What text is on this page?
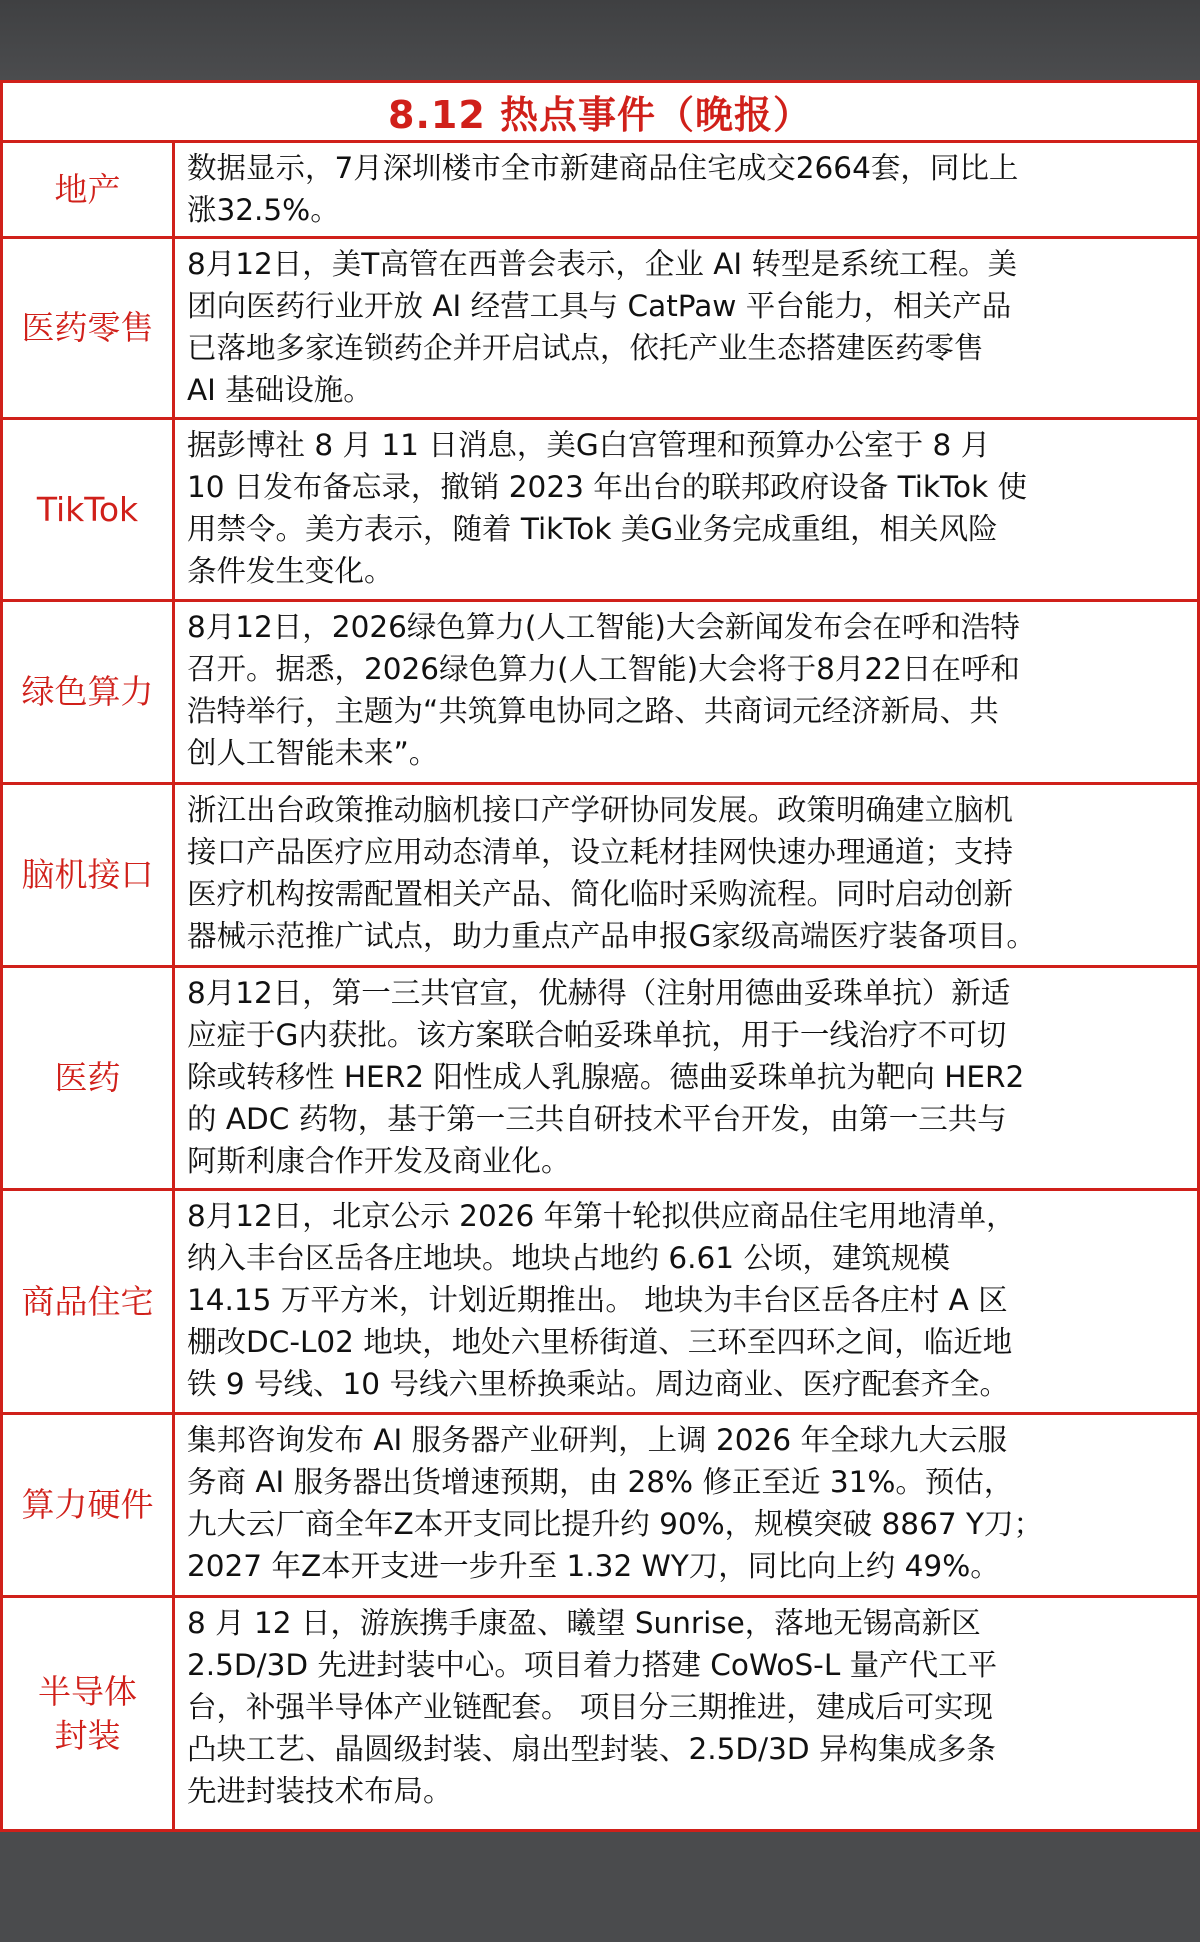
8.12 热点事件（晚报）
地产
数据显示，7月深圳楼市全市新建商品住宅成交2664套，同比上
涨32.5%。
医药零售
8月12日，美T高管在西普会表示，企业 AI 转型是系统工程。美
团向医药行业开放 AI 经营工具与 CatPaw 平台能力，相关产品
已落地多家连锁药企并开启试点，依托产业生态搭建医药零售
AI 基础设施。
TikTok
据彭博社 8 月 11 日消息，美G白宫管理和预算办公室于 8 月
10 日发布备忘录，撤销 2023 年出台的联邦政府设备 TikTok 使
用禁令。美方表示，随着 TikTok 美G业务完成重组，相关风险
条件发生变化。
绿色算力
8月12日，2026绿色算力(人工智能)大会新闻发布会在呼和浩特
召开。据悉，2026绿色算力(人工智能)大会将于8月22日在呼和
浩特举行，主题为“共筑算电协同之路、共商词元经济新局、共
创人工智能未来”。
脑机接口
浙江出台政策推动脑机接口产学研协同发展。政策明确建立脑机
接口产品医疗应用动态清单，设立耗材挂网快速办理通道；支持
医疗机构按需配置相关产品、简化临时采购流程。同时启动创新
器械示范推广试点，助力重点产品申报G家级高端医疗装备项目。
医药
8月12日，第一三共官宣，优赫得（注射用德曲妥珠单抗）新适
应症于G内获批。该方案联合帕妥珠单抗，用于一线治疗不可切
除或转移性 HER2 阳性成人乳腺癌。德曲妥珠单抗为靶向 HER2
的 ADC 药物，基于第一三共自研技术平台开发，由第一三共与
阿斯利康合作开发及商业化。
商品住宅
8月12日，北京公示 2026 年第十轮拟供应商品住宅用地清单，
纳入丰台区岳各庄地块。地块占地约 6.61 公顷，建筑规模
14.15 万平方米，计划近期推出。 地块为丰台区岳各庄村 A 区
棚改DC-L02 地块，地处六里桥街道、三环至四环之间，临近地
铁 9 号线、10 号线六里桥换乘站。周边商业、医疗配套齐全。
算力硬件
集邦咨询发布 AI 服务器产业研判，上调 2026 年全球九大云服
务商 AI 服务器出货增速预期，由 28% 修正至近 31%。预估，
九大云厂商全年Z本开支同比提升约 90%，规模突破 8867 Y刀；
2027 年Z本开支进一步升至 1.32 WY刀，同比向上约 49%。
半导体
封装
8 月 12 日，游族携手康盈、曦望 Sunrise，落地无锡高新区
2.5D/3D 先进封装中心。项目着力搭建 CoWoS-L 量产代工平
台，补强半导体产业链配套。 项目分三期推进，建成后可实现
凸块工艺、晶圆级封装、扇出型封装、2.5D/3D 异构集成多条
先进封装技术布局。
